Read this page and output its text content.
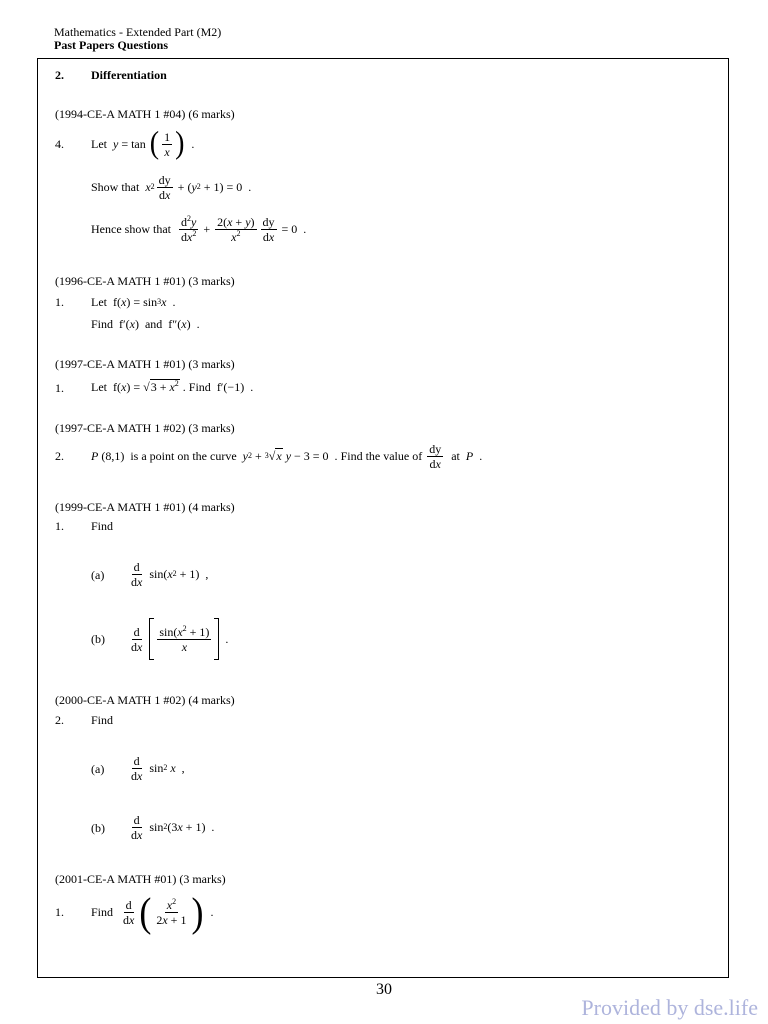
Mathematics - Extended Part (M2)
Past Papers Questions
2. Differentiation
(1994-CE-A MATH 1 #04) (6 marks)
4. Let
y = tan ( $\frac{1}{x}$ ) .
Show that
x $2 \frac{dy}{dx}$ + ( y 2 + 1) = 0  .
Hence show that
$\frac{d^2y}{dx^2} + \frac{2(x + y)}{x^2} \frac{dy}{dx} = 0$  .
(1996-CE-A MATH 1 #01) (3 marks)
1. Let f( x ) = sin 3 x .
Find f′( x ) and f″( x )  .
(1997-CE-A MATH 1 #01) (3 marks)
1. Let f( x ) = √ $3 + x^2$ . Find f′(−1)  .
(1997-CE-A MATH 1 #02) (3 marks)
2. P (8,1) is a point on the curve
y 2 + 3 √ x
y − 3 = 0  . Find the value of
$\frac{dy}{dx}$
at
P .
(1999-CE-A MATH 1 #01) (4 marks)
1. Find
$(a) \frac{d}{dx} \sin$( x 2 + 1)  ,
$(b) \frac{d}{dx}$
$\frac{\sin(x^2 + 1)}{x}$ .
(2000-CE-A MATH 1 #02) (4 marks)
2. Find
$(a) \frac{d}{dx}$ sin 2
x ,
$(b) \frac{d}{dx}$ sin 2 (3 x + 1)  .
(2001-CE-A MATH #01) (3 marks)
1. Find
$\frac{d}{dx}$ ( $\frac{x^2}{2x + 1}$ ) .
30
Provided by dse.life
